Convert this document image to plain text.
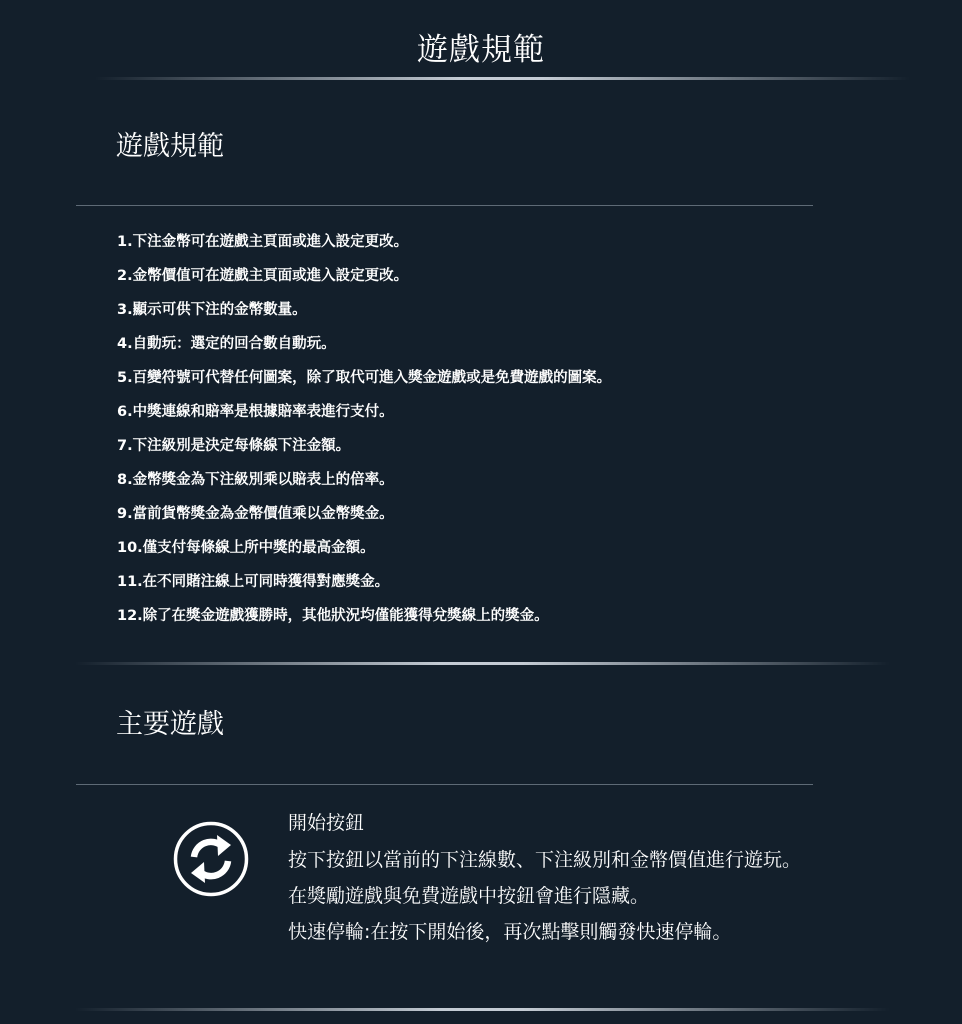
遊戲規範
遊戲規範
1.下注金幣可在遊戲主頁面或進入設定更改。
2.金幣價值可在遊戲主頁面或進入設定更改。
3.顯示可供下注的金幣數量。
4.自動玩：選定的回合數自動玩。
5.百變符號可代替任何圖案，除了取代可進入獎金遊戲或是免費遊戲的圖案。
6.中獎連線和賠率是根據賠率表進行支付。
7.下注級別是決定每條線下注金額。
8.金幣獎金為下注級別乘以賠表上的倍率。
9.當前貨幣獎金為金幣價值乘以金幣獎金。
10.僅支付每條線上所中獎的最高金額。
11.在不同賭注線上可同時獲得對應獎金。
12.除了在獎金遊戲獲勝時，其他狀況均僅能獲得兌獎線上的獎金。
主要遊戲
開始按鈕

按下按鈕以當前的下注線數、下注級別和金幣價值進行遊玩。

在獎勵遊戲與免費遊戲中按鈕會進行隱藏。

快速停輪:在按下開始後，再次點擊則觸發快速停輪。
